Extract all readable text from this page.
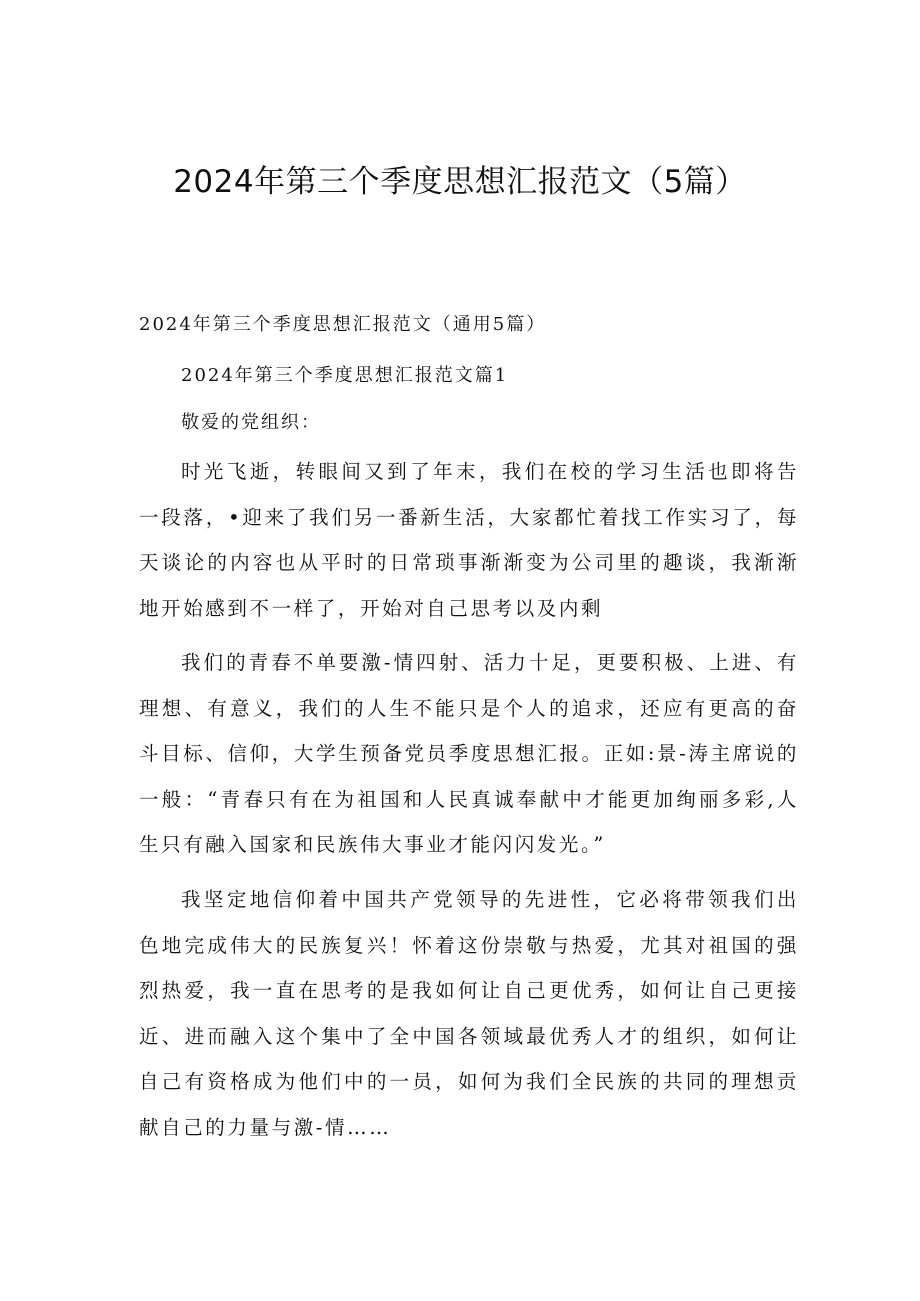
2024年第三个季度思想汇报范文（5篇）
2024年第三个季度思想汇报范文（通用5篇）
2024年第三个季度思想汇报范文篇1
敬爱的党组织：

时光飞逝，转眼间又到了年末，我们在校的学习生活也即将告一段落，•迎来了我们另一番新生活，大家都忙着找工作实习了，每天谈论的内容也从平时的日常琐事渐渐变为公司里的趣谈，我渐渐地开始感到不一样了，开始对自己思考以及内剩

我们的青春不单要激-情四射、活力十足，更要积极、上进、有理想、有意义，我们的人生不能只是个人的追求，还应有更高的奋斗目标、信仰，大学生预备党员季度思想汇报。正如:景-涛主席说的一般：“青春只有在为祖国和人民真诚奉献中才能更加绚丽多彩,人生只有融入国家和民族伟大事业才能闪闪发光。”

我坚定地信仰着中国共产党领导的先进性，它必将带领我们出色地完成伟大的民族复兴！怀着这份崇敬与热爱，尤其对祖国的强烈热爱，我一直在思考的是我如何让自己更优秀，如何让自己更接近、进而融入这个集中了全中国各领域最优秀人才的组织，如何让自己有资格成为他们中的一员，如何为我们全民族的共同的理想贡献自己的力量与激-情……
